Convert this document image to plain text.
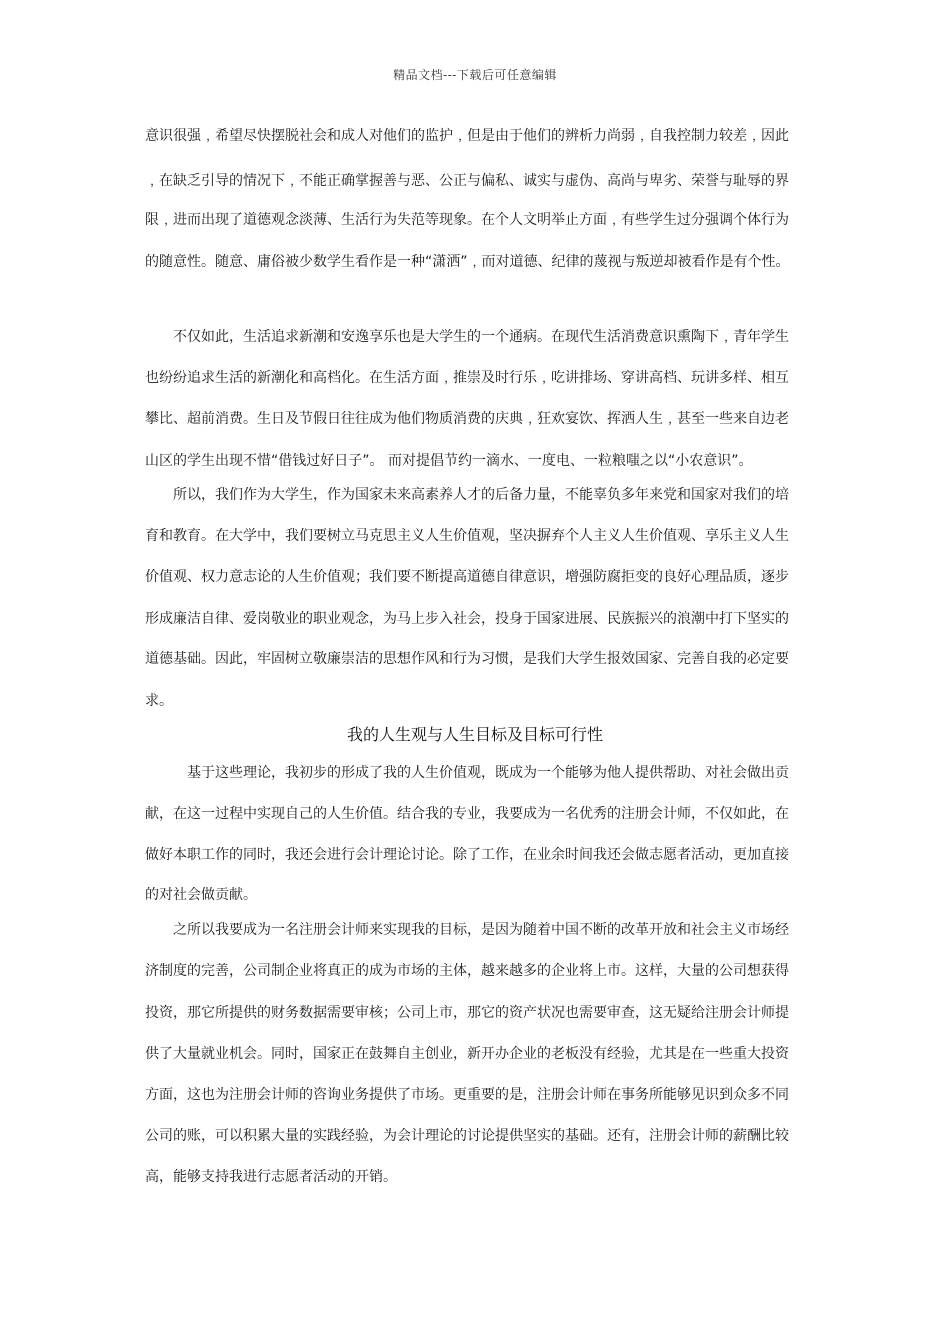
精品文档---下载后可任意编辑
意识很强﹐希望尽快摆脱社会和成人对他们的监护﹐但是由于他们的辨析力尚弱﹐自我控制力较差﹐因此
﹐在缺乏引导的情况下﹐不能正确掌握善与恶、公正与偏私、诚实与虚伪、高尚与卑劣、荣誉与耻辱的界
限﹐进而出现了道德观念淡薄、生活行为失范等现象。在个人文明举止方面﹐有些学生过分强调个体行为
的随意性。随意、庸俗被少数学生看作是一种“潇洒”﹐而对道德、纪律的蔑视与叛逆却被看作是有个性。
不仅如此，生活追求新潮和安逸享乐也是大学生的一个通病。在现代生活消费意识熏陶下﹐青年学生
也纷纷追求生活的新潮化和高档化。在生活方面﹐推崇及时行乐﹐吃讲排场、穿讲高档、玩讲多样、相互
攀比、超前消费。生日及节假日往往成为他们物质消费的庆典﹐狂欢宴饮、挥洒人生﹐甚至一些来自边老
山区的学生出现不惜“借钱过好日子”。 而对提倡节约一滴水、一度电、一粒粮嗤之以“小农意识”。
所以，我们作为大学生，作为国家未来高素养人才的后备力量，不能辜负多年来党和国家对我们的培
育和教育。在大学中，我们要树立马克思主义人生价值观，坚决摒弃个人主义人生价值观、享乐主义人生
价值观、权力意志论的人生价值观；我们要不断提高道德自律意识，增强防腐拒变的良好心理品质，逐步
形成廉洁自律、爱岗敬业的职业观念，为马上步入社会，投身于国家进展、民族振兴的浪潮中打下坚实的
道德基础。因此，牢固树立敬廉崇洁的思想作风和行为习惯，是我们大学生报效国家、完善自我的必定要
求。
我的人生观与人生目标及目标可行性
基于这些理论，我初步的形成了我的人生价值观，既成为一个能够为他人提供帮助、对社会做出贡
献，在这一过程中实现自己的人生价值。结合我的专业，我要成为一名优秀的注册会计师，不仅如此，在
做好本职工作的同时，我还会进行会计理论讨论。除了工作，在业余时间我还会做志愿者活动，更加直接
的对社会做贡献。
之所以我要成为一名注册会计师来实现我的目标，是因为随着中国不断的改革开放和社会主义市场经
济制度的完善，公司制企业将真正的成为市场的主体，越来越多的企业将上市。这样，大量的公司想获得
投资，那它所提供的财务数据需要审核；公司上市，那它的资产状况也需要审查，这无疑给注册会计师提
供了大量就业机会。同时，国家正在鼓舞自主创业，新开办企业的老板没有经验，尤其是在一些重大投资
方面，这也为注册会计师的咨询业务提供了市场。更重要的是，注册会计师在事务所能够见识到众多不同
公司的账，可以积累大量的实践经验，为会计理论的讨论提供坚实的基础。还有，注册会计师的薪酬比较
高，能够支持我进行志愿者活动的开销。
